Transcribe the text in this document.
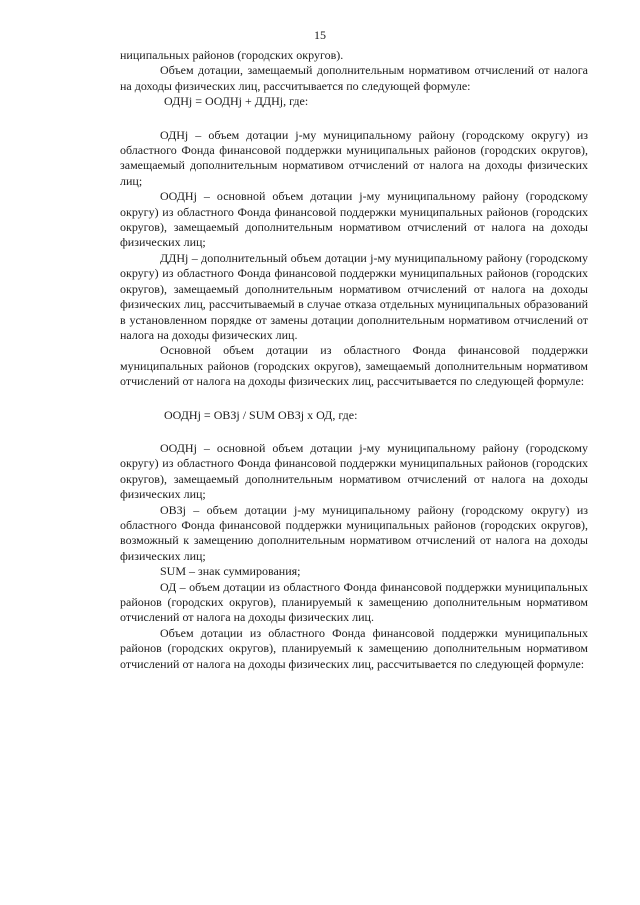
15

ниципальных районов (городских округов).

Объем дотации, замещаемый дополнительным нормативом отчислений от налога на доходы физических лиц, рассчитывается по следующей формуле:

ОДНj = ООДНj + ДДНj, где:

ОДНj – объем дотации j-му муниципальному району (городскому округу) из областного Фонда финансовой поддержки муниципальных районов (городских округов), замещаемый дополнительным нормативом отчислений от налога на доходы физических лиц;

ООДНj – основной объем дотации j-му муниципальному району (городскому округу) из областного Фонда финансовой поддержки муниципальных районов (городских округов), замещаемый дополнительным нормативом отчислений от налога на доходы физических лиц;

ДДНj – дополнительный объем дотации j-му муниципальному району (городскому округу) из областного Фонда финансовой поддержки муниципальных районов (городских округов), замещаемый дополнительным нормативом отчислений от налога на доходы физических лиц, рассчитываемый в случае отказа отдельных муниципальных образований в установленном порядке от замены дотации дополнительным нормативом отчислений от налога на доходы физических лиц.

Основной объем дотации из областного Фонда финансовой поддержки муниципальных районов (городских округов), замещаемый дополнительным нормативом отчислений от налога на доходы физических лиц, рассчитывается по следующей формуле:

ООДНj = ОВЗj / SUM ОВЗj х ОД, где:

ООДНj – основной объем дотации j-му муниципальному району (городскому округу) из областного Фонда финансовой поддержки муниципальных районов (городских округов), замещаемый дополнительным нормативом отчислений от налога на доходы физических лиц;

ОВЗj – объем дотации j-му муниципальному району (городскому округу) из областного Фонда финансовой поддержки муниципальных районов (городских округов), возможный к замещению дополнительным нормативом отчислений от налога на доходы физических лиц;

SUM – знак суммирования;

ОД – объем дотации из областного Фонда финансовой поддержки муниципальных районов (городских округов), планируемый к замещению дополнительным нормативом отчислений от налога на доходы физических лиц.

Объем дотации из областного Фонда финансовой поддержки муниципальных районов (городских округов), планируемый к замещению дополнительным нормативом отчислений от налога на доходы физических лиц, рассчитывается по следующей формуле:
